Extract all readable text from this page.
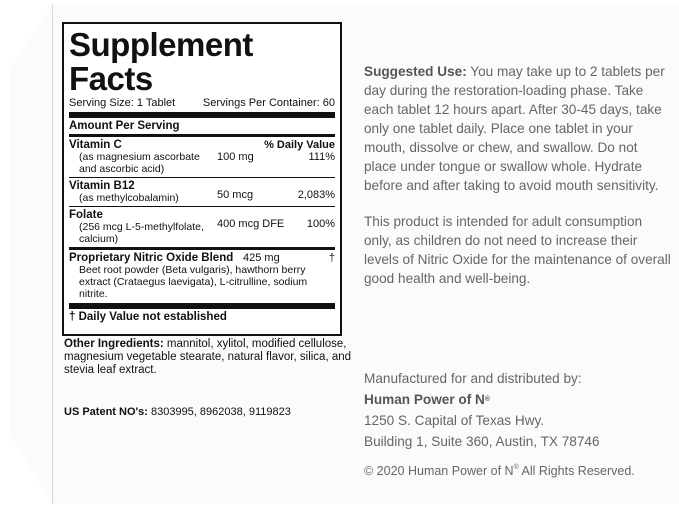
Supplement Facts
Serving Size: 1 Tablet	Servings Per Container: 60
Amount Per Serving
Vitamin C	% Daily Value
(as magnesium ascorbate and ascorbic acid)
100 mg	111%
Vitamin B12
(as methylcobalamin)	50 mcg	2,083%
Folate
(256 mcg L-5-methylfolate, calcium)
400 mcg DFE	100%
Proprietary Nitric Oxide Blend 425 mg	†
Beet root powder (Beta vulgaris), hawthorn berry extract (Crataegus laevigata), L-citrulline, sodium nitrite.
† Daily Value not established
Other Ingredients: mannitol, xylitol, modified cellulose, magnesium vegetable stearate, natural flavor, silica, and stevia leaf extract.
US Patent NO's: 8303995, 8962038, 9119823

Suggested Use: You may take up to 2 tablets per day during the restoration-loading phase. Take each tablet 12 hours apart. After 30-45 days, take only one tablet daily. Place one tablet in your mouth, dissolve or chew, and swallow. Do not place under tongue or swallow whole. Hydrate before and after taking to avoid mouth sensitivity.

This product is intended for adult consumption only, as children do not need to increase their levels of Nitric Oxide for the maintenance of overall good health and well-being.

Manufactured for and distributed by:
Human Power of N®
1250 S. Capital of Texas Hwy.
Building 1, Suite 360, Austin, TX 78746
© 2020 Human Power of N® All Rights Reserved.
